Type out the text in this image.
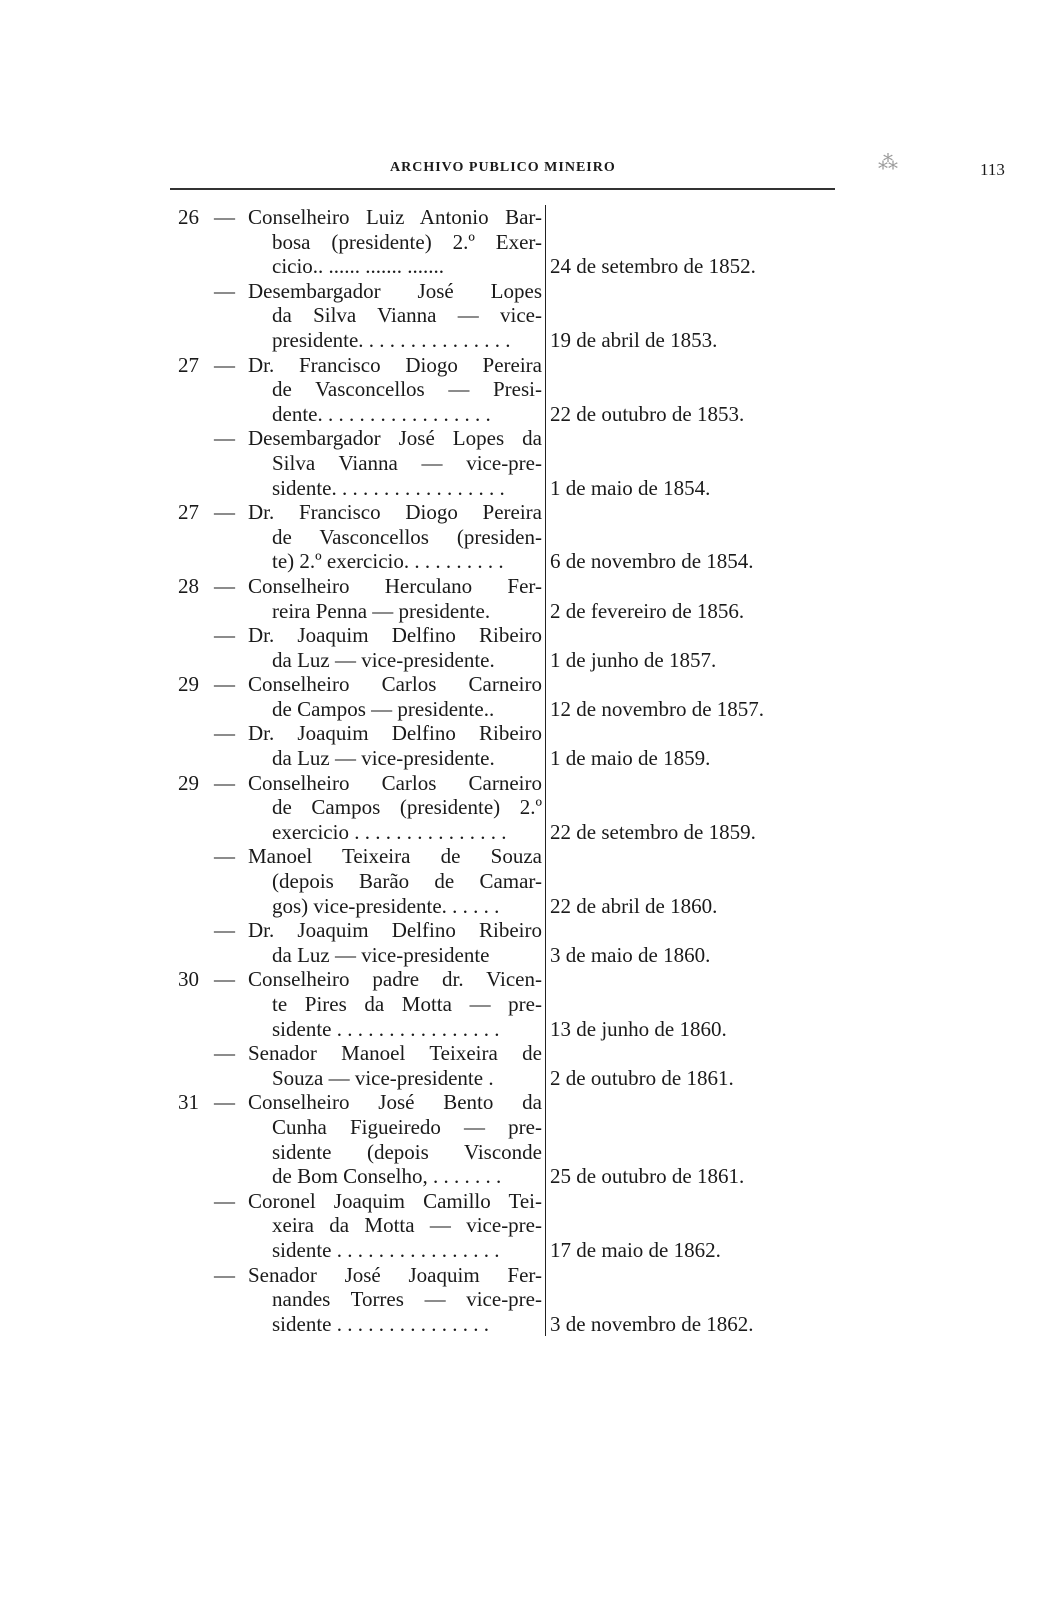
ARCHIVO PUBLICO MINEIRO	⁂	113
26 — Conselheiro Luiz Antonio Bar-
bosa (presidente) 2.º Exer-
cicio.. ...... ....... .......	24 de setembro de 1852.
— Desembargador José Lopes
da Silva Vianna — vice-
presidente. . . . . . . . . . . . . . .	19 de abril de 1853.
27 — Dr. Francisco Diogo Pereira
de Vasconcellos — Presi-
dente. . . . . . . . . . . . . . . . .	22 de outubro de 1853.
— Desembargador José Lopes da
Silva Vianna — vice-pre-
sidente. . . . . . . . . . . . . . . . .	1 de maio de 1854.
27 — Dr. Francisco Diogo Pereira
de Vasconcellos (presiden-
te) 2.º exercicio. . . . . . . . . .	6 de novembro de 1854.
28 — Conselheiro Herculano Fer-
reira Penna — presidente.	2 de fevereiro de 1856.
— Dr. Joaquim Delfino Ribeiro
da Luz — vice-presidente.	1 de junho de 1857.
29 — Conselheiro Carlos Carneiro
de Campos — presidente..	12 de novembro de 1857.
— Dr. Joaquim Delfino Ribeiro
da Luz — vice-presidente.	1 de maio de 1859.
29 — Conselheiro Carlos Carneiro
de Campos (presidente) 2.º
exercicio . . . . . . . . . . . . . . .	22 de setembro de 1859.
— Manoel Teixeira de Souza
(depois Barão de Camar-
gos) vice-presidente. . . . . .	22 de abril de 1860.
— Dr. Joaquim Delfino Ribeiro
da Luz — vice-presidente	3 de maio de 1860.
30 — Conselheiro padre dr. Vicen-
te Pires da Motta — pre-
sidente . . . . . . . . . . . . . . . .	13 de junho de 1860.
— Senador Manoel Teixeira de
Souza — vice-presidente .	2 de outubro de 1861.
31 — Conselheiro José Bento da
Cunha Figueiredo — pre-
sidente (depois Visconde
de Bom Conselho, . . . . . . .	25 de outubro de 1861.
— Coronel Joaquim Camillo Tei-
xeira da Motta — vice-pre-
sidente . . . . . . . . . . . . . . . .	17 de maio de 1862.
— Senador José Joaquim Fer-
nandes Torres — vice-pre-
sidente . . . . . . . . . . . . . . .	3 de novembro de 1862.
